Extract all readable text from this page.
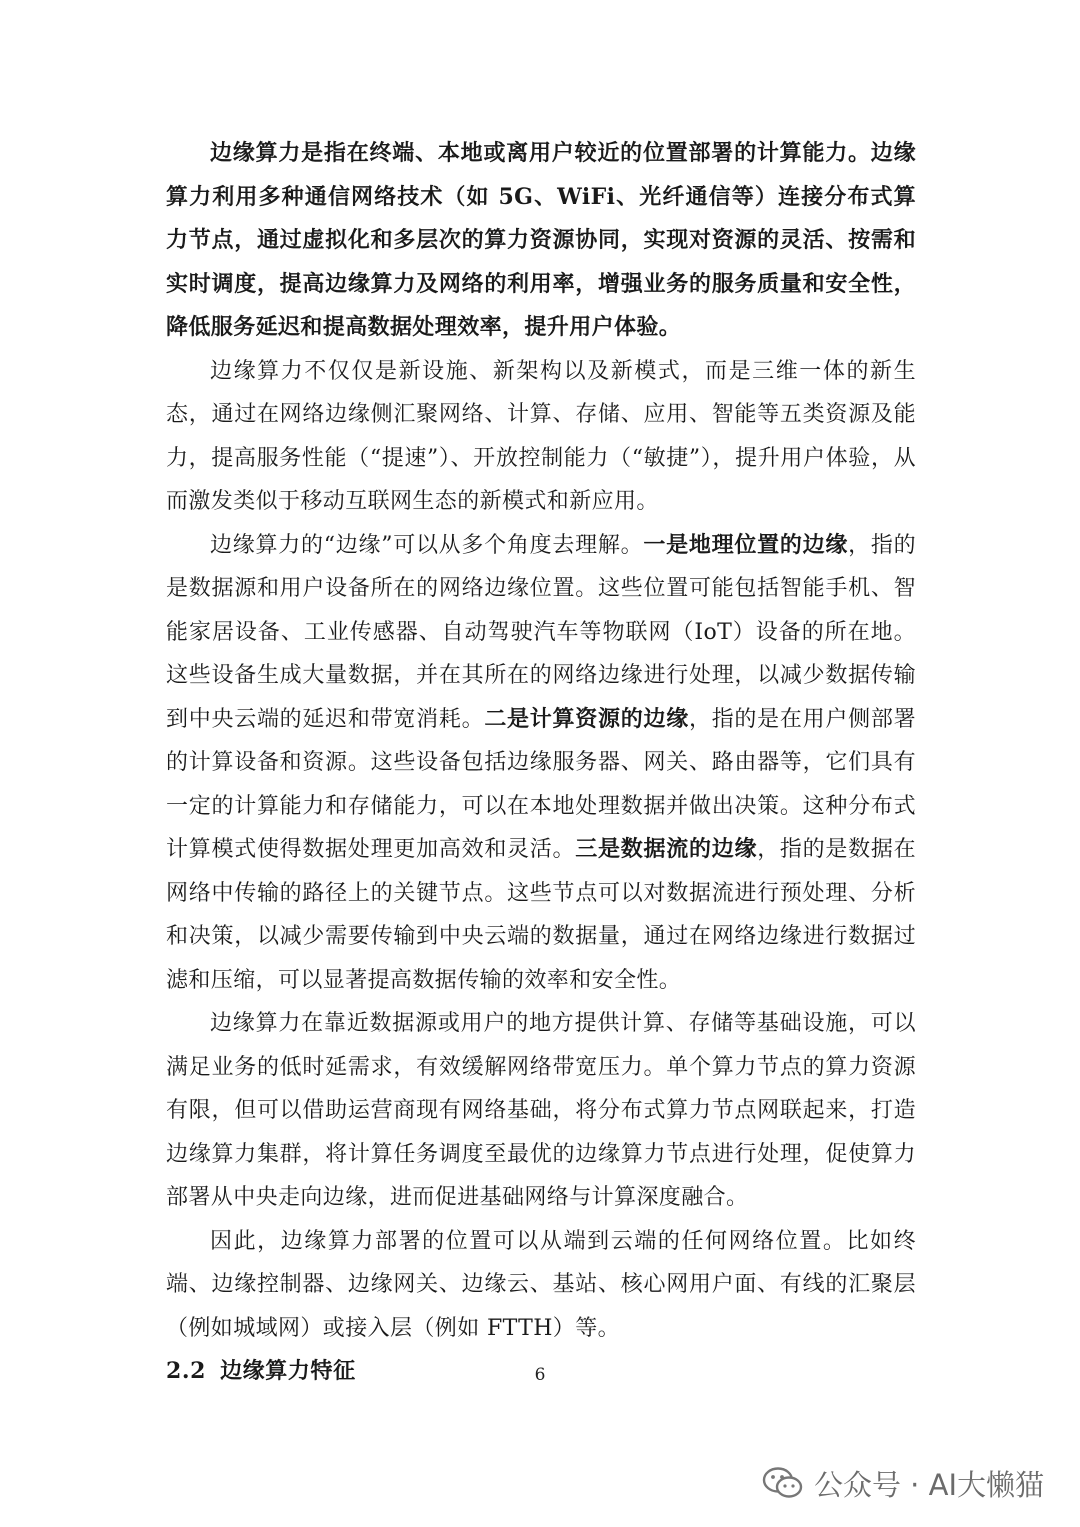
边缘算力是指在终端、本地或离用户较近的位置部署的计算能力。边缘算力利用多种通信网络技术（如 5G、WiFi、光纤通信等）连接分布式算力节点，通过虚拟化和多层次的算力资源协同，实现对资源的灵活、按需和实时调度，提高边缘算力及网络的利用率，增强业务的服务质量和安全性，降低服务延迟和提高数据处理效率，提升用户体验。

边缘算力不仅仅是新设施、新架构以及新模式，而是三维一体的新生态，通过在网络边缘侧汇聚网络、计算、存储、应用、智能等五类资源及能力，提高服务性能（“提速”）、开放控制能力（“敏捷”），提升用户体验，从而激发类似于移动互联网生态的新模式和新应用。

边缘算力的“边缘”可以从多个角度去理解。一是地理位置的边缘，指的是数据源和用户设备所在的网络边缘位置。这些位置可能包括智能手机、智能家居设备、工业传感器、自动驾驶汽车等物联网（IoT）设备的所在地。这些设备生成大量数据，并在其所在的网络边缘进行处理，以减少数据传输到中央云端的延迟和带宽消耗。二是计算资源的边缘，指的是在用户侧部署的计算设备和资源。这些设备包括边缘服务器、网关、路由器等，它们具有一定的计算能力和存储能力，可以在本地处理数据并做出决策。这种分布式计算模式使得数据处理更加高效和灵活。三是数据流的边缘，指的是数据在网络中传输的路径上的关键节点。这些节点可以对数据流进行预处理、分析和决策，以减少需要传输到中央云端的数据量，通过在网络边缘进行数据过滤和压缩，可以显著提高数据传输的效率和安全性。

边缘算力在靠近数据源或用户的地方提供计算、存储等基础设施，可以满足业务的低时延需求，有效缓解网络带宽压力。单个算力节点的算力资源有限，但可以借助运营商现有网络基础，将分布式算力节点网联起来，打造边缘算力集群，将计算任务调度至最优的边缘算力节点进行处理，促使算力部署从中央走向边缘，进而促进基础网络与计算深度融合。

因此，边缘算力部署的位置可以从端到云端的任何网络位置。比如终端、边缘控制器、边缘网关、边缘云、基站、核心网用户面、有线的汇聚层（例如城域网）或接入层（例如 FTTH）等。

2.2 边缘算力特征	6
公众号 · AI大懒猫
